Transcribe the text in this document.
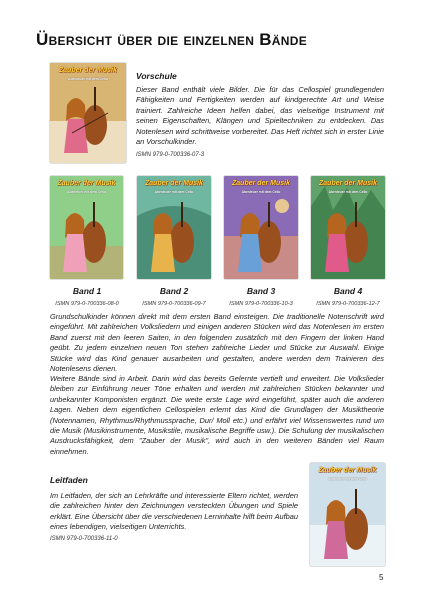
Übersicht über die einzelnen Bände
Zauber der Musik
Abenteuer mit dem Cello	Vorschule

Dieser Band enthält viele Bilder. Die für das Cellospiel grundlegenden Fähigkeiten und Fertigkeiten werden auf kindgerechte Art und Weise trainiert. Zahlreiche Ideen helfen dabei, das vielseitige Instrument mit seinen Eigenschaften, Klängen und Spieltechniken zu entdecken. Das Notenlesen wird schrittweise vorbereitet. Das Heft richtet sich in erster Linie an Vorschulkinder.

ISMN 979-0-700336-07-3

Zauber der Musik
Abenteuer mit dem Cello
Zauber der Musik
Abenteuer mit dem Cello
Zauber der Musik
Abenteuer mit dem Cello
Zauber der Musik
Abenteuer mit dem Cello
Band 1	Band 2	Band 3	Band 4
ISMN 979-0-700336-08-0	ISMN 979-0-700336-09-7	ISMN 979-0-700336-10-3	ISMN 979-0-700336-12-7

Grundschulkinder können direkt mit dem ersten Band einsteigen. Die traditionelle Notenschrift wird eingeführt. Mit zahlreichen Volksliedern und einigen anderen Stücken wird das Notenlesen im ersten Band zuerst mit den leeren Saiten, in den folgenden zusätzlich mit den Fingern der linken Hand geübt. Zu jedem einzelnen neuen Ton stehen zahlreiche Lieder und Stücke zur Auswahl. Einige Stücke wird das Kind genauer ausarbeiten und gestalten, andere werden dem Trainieren des Notenlesens dienen.

Weitere Bände sind in Arbeit. Darin wird das bereits Gelernte vertieft und erweitert. Die Volkslieder bleiben zur Einführung neuer Töne erhalten und werden mit zahlreichen Stücken bekannter und unbekannter Komponisten ergänzt. Die weite erste Lage wird eingeführt, später auch die anderen Lagen. Neben dem eigentlichen Cellospielen erlernt das Kind die Grundlagen der Musiktheorie (Notennamen, Rhythmus/Rhythmussprache, Dur/ Moll etc.) und erfährt viel Wissenswertes rund um die Musik (Musikinstrumente, Musikstile, musikalische Begriffe usw.). Die Schulung der musikalischen Ausdrucksfähigkeit, dem "Zauber der Musik", wird auch in den weiteren Bänden viel Raum einnehmen.

Leitfaden

Im Leitfaden, der sich an Lehrkräfte und interessierte Eltern richtet, werden die zahlreichen hinter den Zeichnungen versteckten Übungen und Spiele erklärt. Eine Übersicht über die verschiedenen Lerninhalte hilft beim Aufbau eines lebendigen, vielseitigen Unterrichts.

ISMN 979-0-700336-11-0

Zauber der Musik
Abenteuer mit dem Cello

5
